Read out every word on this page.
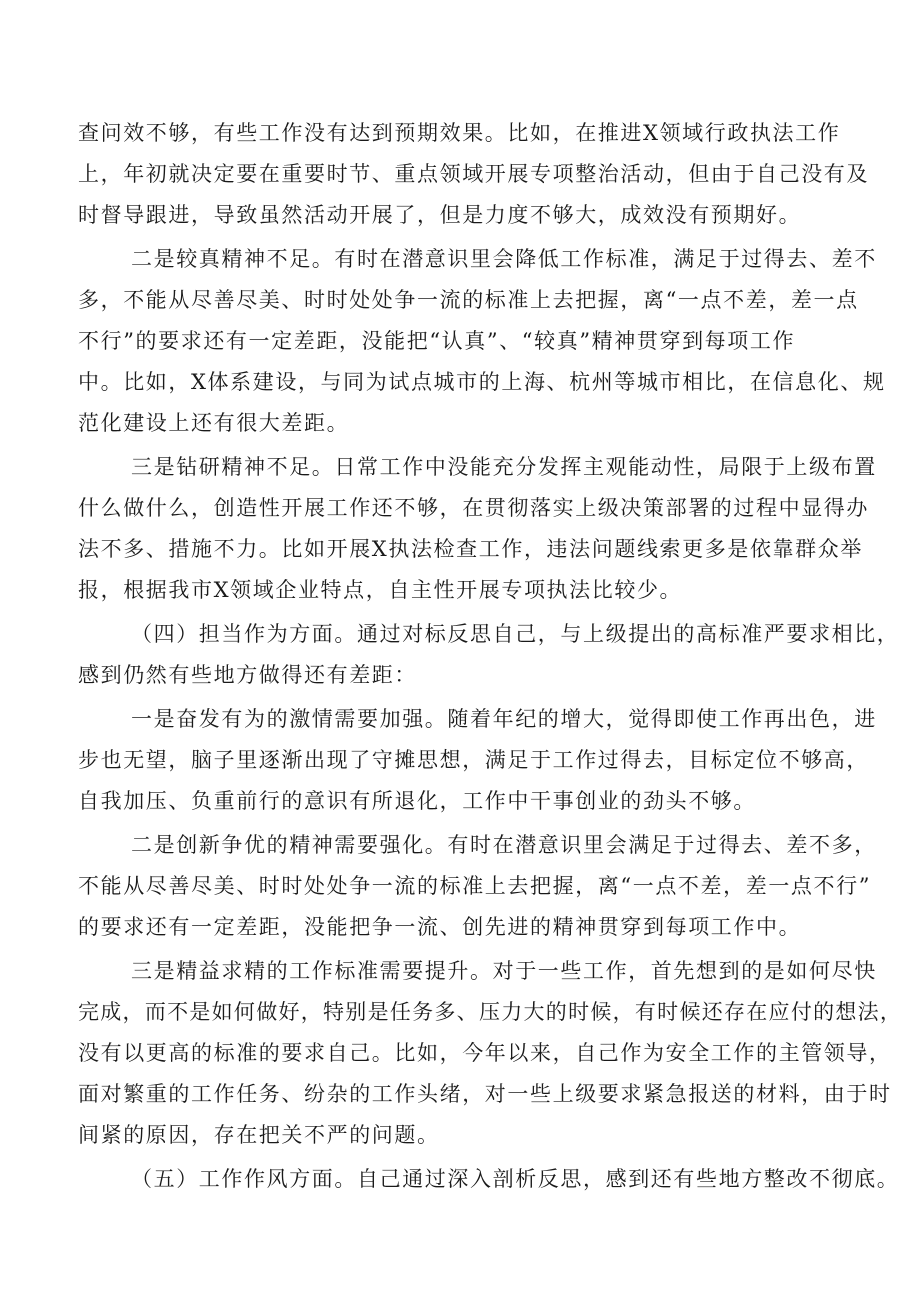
查问效不够，有些工作没有达到预期效果。比如，在推进X领域行政执法工作
上，年初就决定要在重要时节、重点领域开展专项整治活动，但由于自己没有及
时督导跟进，导致虽然活动开展了，但是力度不够大，成效没有预期好。
二是较真精神不足。有时在潜意识里会降低工作标准，满足于过得去、差不
多，不能从尽善尽美、时时处处争一流的标准上去把握，离“一点不差，差一点
不行”的要求还有一定差距，没能把“认真”、“较真”精神贯穿到每项工作
中。比如，X体系建设，与同为试点城市的上海、杭州等城市相比，在信息化、规
范化建设上还有很大差距。
三是钻研精神不足。日常工作中没能充分发挥主观能动性，局限于上级布置
什么做什么，创造性开展工作还不够，在贯彻落实上级决策部署的过程中显得办
法不多、措施不力。比如开展X执法检查工作，违法问题线索更多是依靠群众举
报，根据我市X领域企业特点，自主性开展专项执法比较少。
（四）担当作为方面。通过对标反思自己，与上级提出的高标准严要求相比，
感到仍然有些地方做得还有差距：
一是奋发有为的激情需要加强。随着年纪的增大，觉得即使工作再出色，进
步也无望，脑子里逐渐出现了守摊思想，满足于工作过得去，目标定位不够高，
自我加压、负重前行的意识有所退化，工作中干事创业的劲头不够。
二是创新争优的精神需要强化。有时在潜意识里会满足于过得去、差不多，
不能从尽善尽美、时时处处争一流的标准上去把握，离“一点不差，差一点不行”
的要求还有一定差距，没能把争一流、创先进的精神贯穿到每项工作中。
三是精益求精的工作标准需要提升。对于一些工作，首先想到的是如何尽快
完成，而不是如何做好，特别是任务多、压力大的时候，有时候还存在应付的想法，
没有以更高的标准的要求自己。比如，今年以来，自己作为安全工作的主管领导，
面对繁重的工作任务、纷杂的工作头绪，对一些上级要求紧急报送的材料，由于时
间紧的原因，存在把关不严的问题。
（五）工作作风方面。自己通过深入剖析反思，感到还有些地方整改不彻底。
